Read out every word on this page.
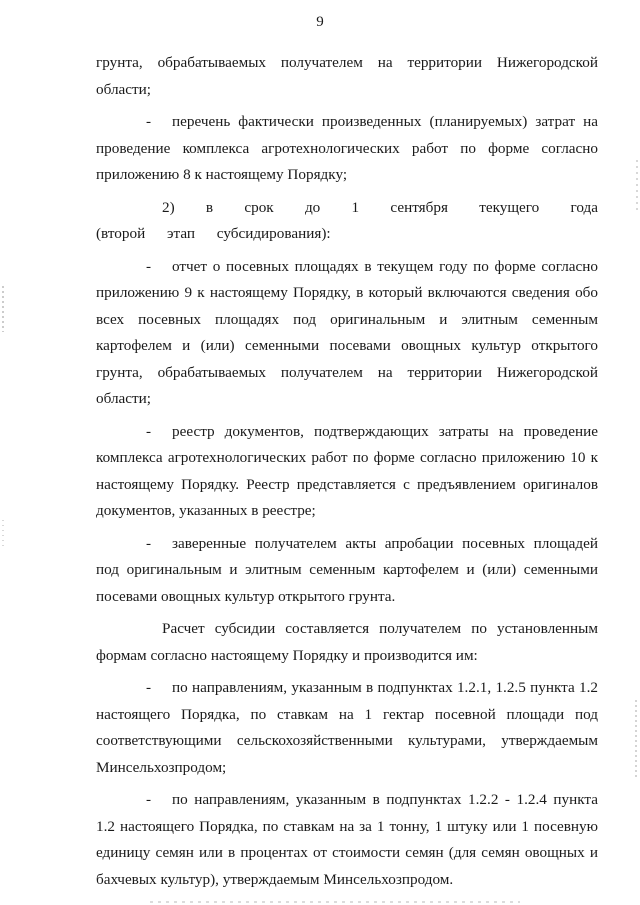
9

грунта, обрабатываемых получателем на территории Нижегородской области;

- перечень фактически произведенных (планируемых) затрат на проведение комплекса агротехнологических работ по форме согласно приложению 8 к настоящему Порядку;

2) в срок до 1 сентября текущего года (второй этап субсидирования):

- отчет о посевных площадях в текущем году по форме согласно приложению 9 к настоящему Порядку, в который включаются сведения обо всех посевных площадях под оригинальным и элитным семенным картофелем и (или) семенными посевами овощных культур открытого грунта, обрабатываемых получателем на территории Нижегородской области;

- реестр документов, подтверждающих затраты на проведение комплекса агротехнологических работ по форме согласно приложению 10 к настоящему Порядку. Реестр представляется с предъявлением оригиналов документов, указанных в реестре;

- заверенные получателем акты апробации посевных площадей под оригинальным и элитным семенным картофелем и (или) семенными посевами овощных культур открытого грунта.

Расчет субсидии составляется получателем по установленным формам согласно настоящему Порядку и производится им:

- по направлениям, указанным в подпунктах 1.2.1, 1.2.5 пункта 1.2 настоящего Порядка, по ставкам на 1 гектар посевной площади под соответствующими сельскохозяйственными культурами, утверждаемым Минсельхозпродом;

- по направлениям, указанным в подпунктах 1.2.2 - 1.2.4 пункта 1.2 настоящего Порядка, по ставкам на за 1 тонну, 1 штуку или 1 посевную единицу семян или в процентах от стоимости семян (для семян овощных и бахчевых культур), утверждаемым Минсельхозпродом.
